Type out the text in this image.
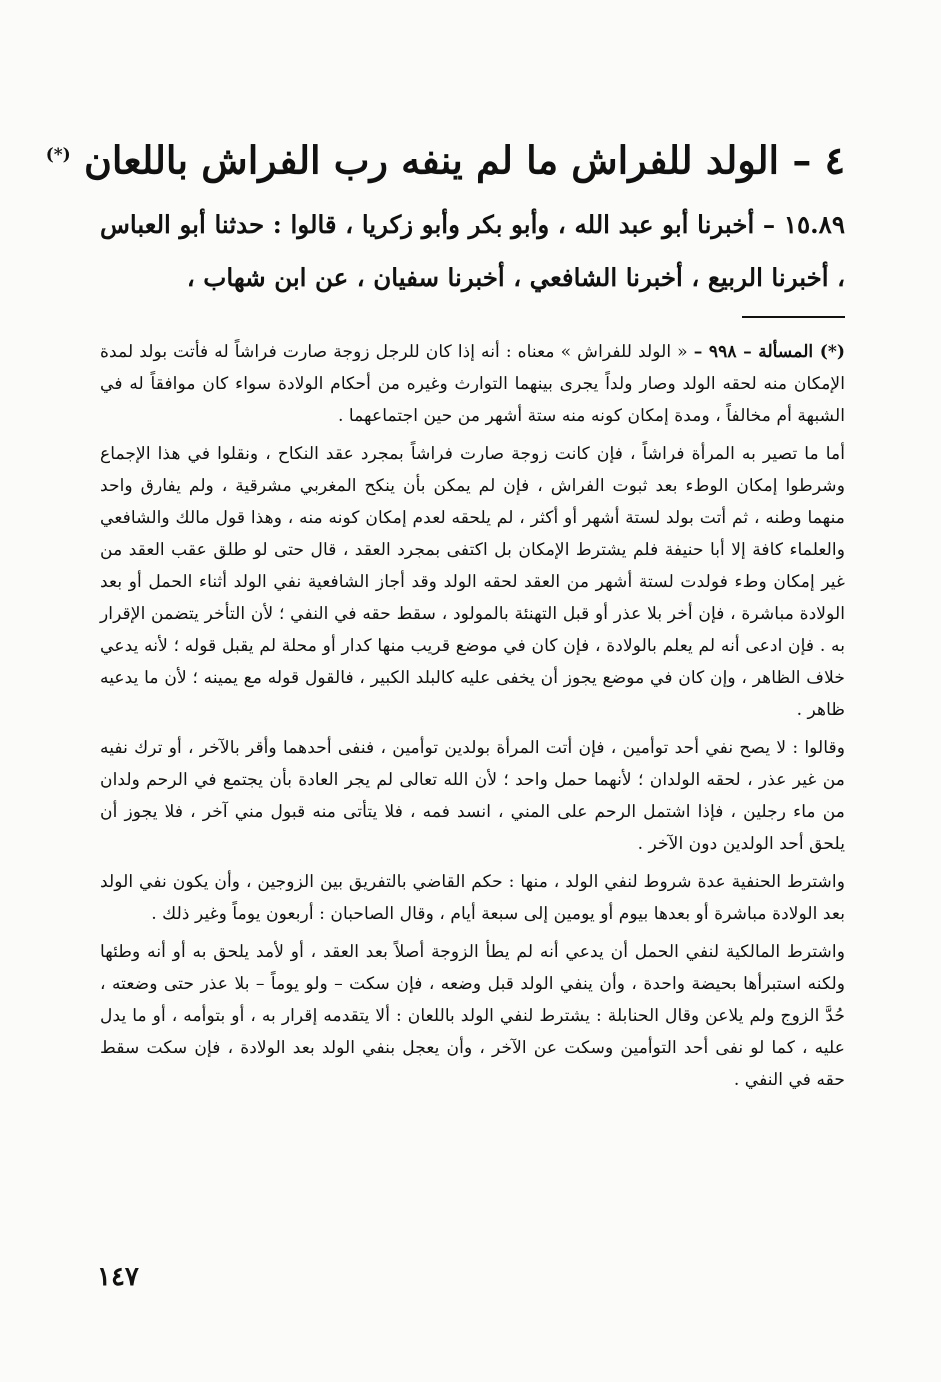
٤ – الولد للفراش ما لم ينفه رب الفراش باللعان (*)

١٥.٨٩ – أخبرنا أبو عبد الله ، وأبو بكر وأبو زكريا ، قالوا : حدثنا أبو العباس ، أخبرنا الربيع ، أخبرنا الشافعي ، أخبرنا سفيان ، عن ابن شهاب ،

(*) المسألة – ٩٩٨ – « الولد للفراش » معناه : أنه إذا كان للرجل زوجة صارت فراشاً له فأتت بولد لمدة الإمكان منه لحقه الولد وصار ولداً يجرى بينهما التوارث وغيره من أحكام الولادة سواء كان موافقاً له في الشبهة أم مخالفاً ، ومدة إمكان كونه منه ستة أشهر من حين اجتماعهما .

أما ما تصير به المرأة فراشاً ، فإن كانت زوجة صارت فراشاً بمجرد عقد النكاح ، ونقلوا في هذا الإجماع وشرطوا إمكان الوطء بعد ثبوت الفراش ، فإن لم يمكن بأن ينكح المغربي مشرقية ، ولم يفارق واحد منهما وطنه ، ثم أتت بولد لستة أشهر أو أكثر ، لم يلحقه لعدم إمكان كونه منه ، وهذا قول مالك والشافعي والعلماء كافة إلا أبا حنيفة فلم يشترط الإمكان بل اكتفى بمجرد العقد ، قال حتى لو طلق عقب العقد من غير إمكان وطء فولدت لستة أشهر من العقد لحقه الولد وقد أجاز الشافعية نفي الولد أثناء الحمل أو بعد الولادة مباشرة ، فإن أخر بلا عذر أو قبل التهنئة بالمولود ، سقط حقه في النفي ؛ لأن التأخر يتضمن الإقرار به . فإن ادعى أنه لم يعلم بالولادة ، فإن كان في موضع قريب منها كدار أو محلة لم يقبل قوله ؛ لأنه يدعي خلاف الظاهر ، وإن كان في موضع يجوز أن يخفى عليه كالبلد الكبير ، فالقول قوله مع يمينه ؛ لأن ما يدعيه ظاهر .

وقالوا : لا يصح نفي أحد توأمين ، فإن أتت المرأة بولدين توأمين ، فنفى أحدهما وأقر بالآخر ، أو ترك نفيه من غير عذر ، لحقه الولدان ؛ لأنهما حمل واحد ؛ لأن الله تعالى لم يجر العادة بأن يجتمع في الرحم ولدان من ماء رجلين ، فإذا اشتمل الرحم على المني ، انسد فمه ، فلا يتأتى منه قبول مني آخر ، فلا يجوز أن يلحق أحد الولدين دون الآخر .

واشترط الحنفية عدة شروط لنفي الولد ، منها : حكم القاضي بالتفريق بين الزوجين ، وأن يكون نفي الولد بعد الولادة مباشرة أو بعدها بيوم أو يومين إلى سبعة أيام ، وقال الصاحبان : أربعون يوماً وغير ذلك .

واشترط المالكية لنفي الحمل أن يدعي أنه لم يطأ الزوجة أصلاً بعد العقد ، أو لأمد يلحق به أو أنه وطئها ولكنه استبرأها بحيضة واحدة ، وأن ينفي الولد قبل وضعه ، فإن سكت – ولو يوماً – بلا عذر حتى وضعته ، حُدَّ الزوج ولم يلاعن وقال الحنابلة : يشترط لنفي الولد باللعان : ألا يتقدمه إقرار به ، أو بتوأمه ، أو ما يدل عليه ، كما لو نفى أحد التوأمين وسكت عن الآخر ، وأن يعجل بنفي الولد بعد الولادة ، فإن سكت سقط حقه في النفي .

١٤٧
